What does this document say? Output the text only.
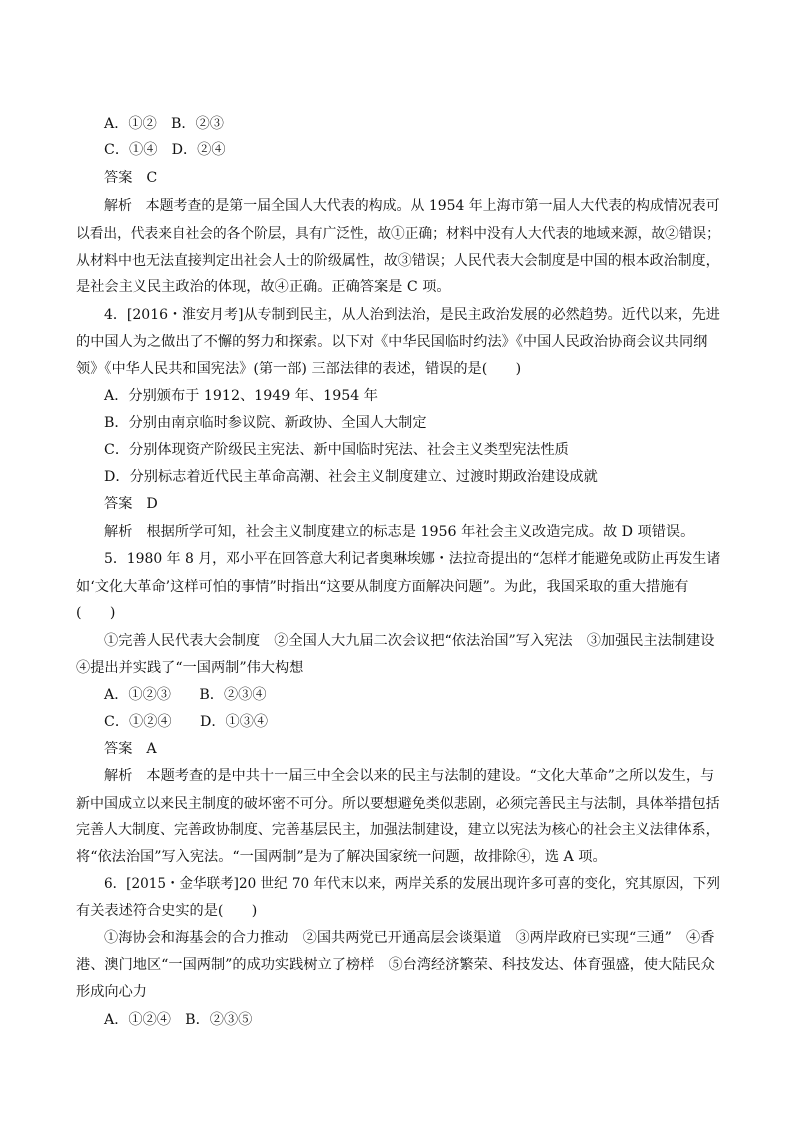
A．①②　B．②③
C．①④　D．②④
答案 C
解析 本题考查的是第一届全国人大代表的构成。从 1954 年上海市第一届人大代表的构成情况表可
以看出，代表来自社会的各个阶层，具有广泛性，故①正确；材料中没有人大代表的地域来源，故②错误；
从材料中也无法直接判定出社会人士的阶级属性，故③错误；人民代表大会制度是中国的根本政治制度，
是社会主义民主政治的体现，故④正确。正确答案是 C 项。
4．[2016・淮安月考]从专制到民主，从人治到法治，是民主政治发展的必然趋势。近代以来，先进
的中国人为之做出了不懈的努力和探索。以下对《中华民国临时约法》《中国人民政治协商会议共同纲
领》《中华人民共和国宪法》(第一部) 三部法律的表述，错误的是(　　)
A．分别颁布于 1912、1949 年、1954 年
B．分别由南京临时参议院、新政协、全国人大制定
C．分别体现资产阶级民主宪法、新中国临时宪法、社会主义类型宪法性质
D．分别标志着近代民主革命高潮、社会主义制度建立、过渡时期政治建设成就
答案 D
解析 根据所学可知，社会主义制度建立的标志是 1956 年社会主义改造完成。故 D 项错误。
5．1980 年 8 月，邓小平在回答意大利记者奥琳埃娜・法拉奇提出的“怎样才能避免或防止再发生诸
如‘文化大革命’这样可怕的事情”时指出“这要从制度方面解决问题”。为此，我国采取的重大措施有
(　　)
①完善人民代表大会制度　②全国人大九届二次会议把“依法治国”写入宪法　③加强民主法制建设
④提出并实践了“一国两制”伟大构想
A．①②③　　B．②③④
C．①②④　　D．①③④
答案 A
解析 本题考查的是中共十一届三中全会以来的民主与法制的建设。“文化大革命”之所以发生，与
新中国成立以来民主制度的破坏密不可分。所以要想避免类似悲剧，必须完善民主与法制，具体举措包括
完善人大制度、完善政协制度、完善基层民主，加强法制建设，建立以宪法为核心的社会主义法律体系，
将“依法治国”写入宪法。“一国两制”是为了解决国家统一问题，故排除④，选 A 项。
6．[2015・金华联考]20 世纪 70 年代末以来，两岸关系的发展出现许多可喜的变化，究其原因，下列
有关表述符合史实的是(　　)
①海协会和海基会的合力推动　②国共两党已开通高层会谈渠道　③两岸政府已实现“三通”　④香
港、澳门地区“一国两制”的成功实践树立了榜样　⑤台湾经济繁荣、科技发达、体育强盛，使大陆民众
形成向心力
A．①②④　B．②③⑤
